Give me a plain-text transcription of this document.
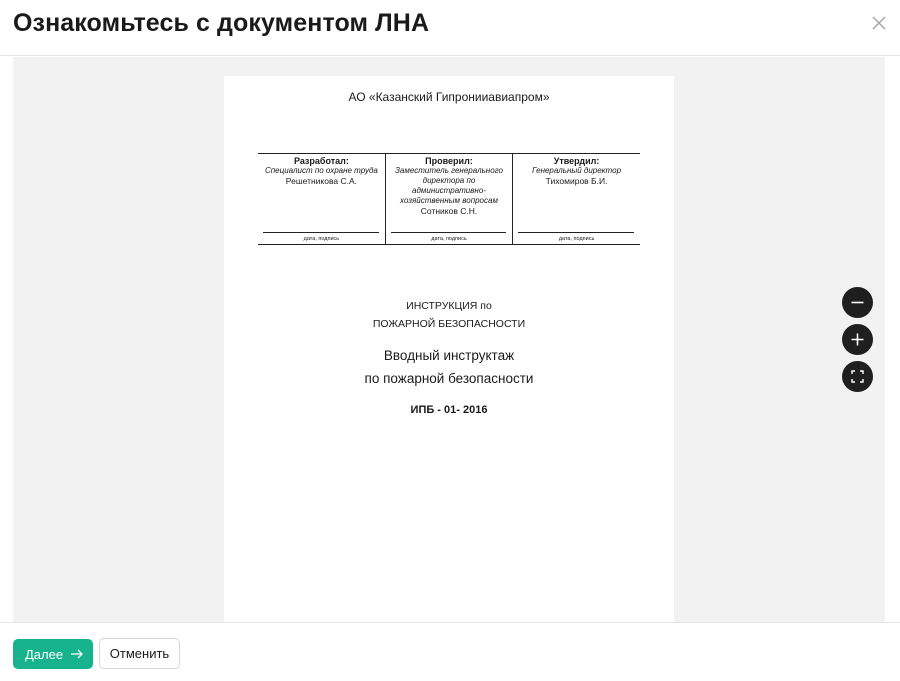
Ознакомьтесь с документом ЛНА
АО «Казанский Гипронииавиапром»
Разработал:
Специалист по охране труда
Решетникова С.А.
дата, подпись

Проверил:
Заместитель генерального директора по административно-хозяйственным вопросам
Сотников С.Н.
дата, подпись

Утвердил:
Генеральный директор
Тихомиров Б.И.
дата, подпись
ИНСТРУКЦИЯ по
ПОЖАРНОЙ БЕЗОПАСНОСТИ
Вводный инструктаж
по пожарной безопасности
ИПБ - 01- 2016
Далее	Отменить
